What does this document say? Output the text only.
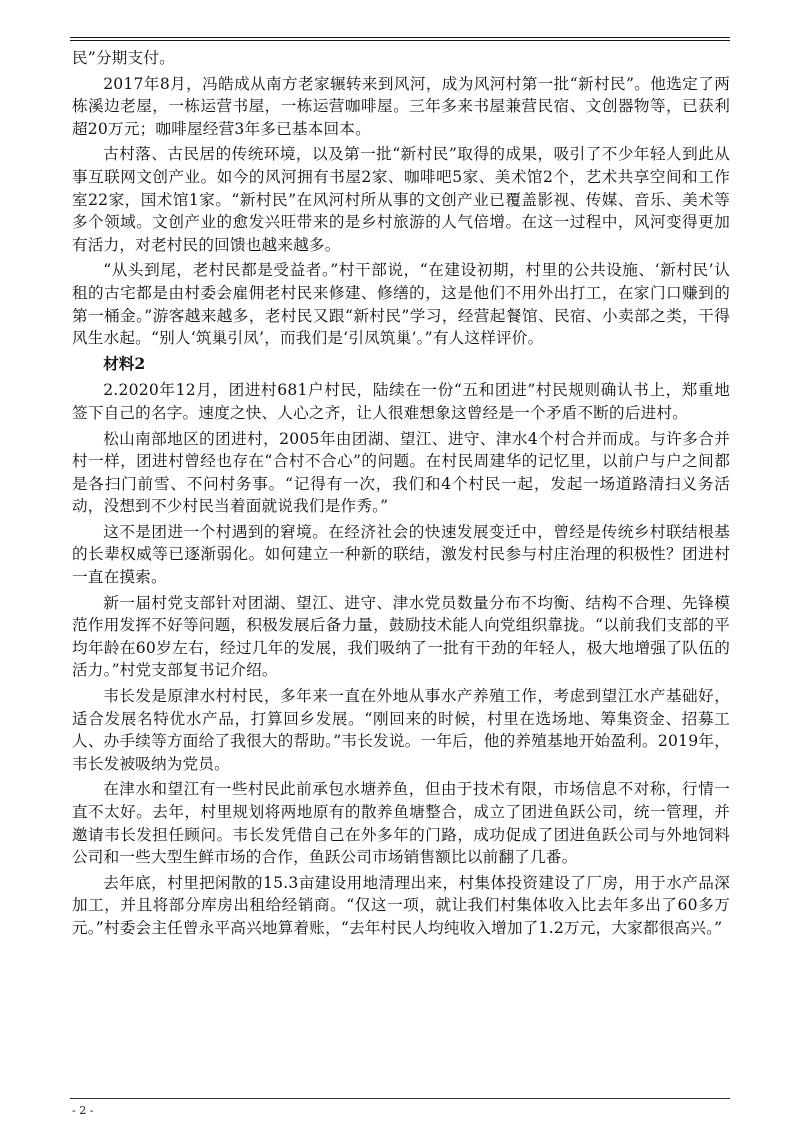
民”分期支付。

2017年8月，冯皓成从南方老家辗转来到风河，成为风河村第一批“新村民”。他选定了两栋溪边老屋，一栋运营书屋，一栋运营咖啡屋。三年多来书屋兼营民宿、文创器物等，已获利超20万元；咖啡屋经营3年多已基本回本。

古村落、古民居的传统环境，以及第一批“新村民”取得的成果，吸引了不少年轻人到此从事互联网文创产业。如今的风河拥有书屋2家、咖啡吧5家、美术馆2个，艺术共享空间和工作室22家，国术馆1家。“新村民”在风河村所从事的文创产业已覆盖影视、传媒、音乐、美术等多个领域。文创产业的愈发兴旺带来的是乡村旅游的人气倍增。在这一过程中，风河变得更加有活力，对老村民的回馈也越来越多。

“从头到尾，老村民都是受益者。”村干部说，“在建设初期，村里的公共设施、‘新村民’认租的古宅都是由村委会雇佣老村民来修建、修缮的，这是他们不用外出打工，在家门口赚到的第一桶金。”游客越来越多，老村民又跟“新村民”学习，经营起餐馆、民宿、小卖部之类，干得风生水起。“别人‘筑巢引凤’，而我们是‘引凤筑巢’。”有人这样评价。

材料2

2.2020年12月，团进村681户村民，陆续在一份“五和团进”村民规则确认书上，郑重地签下自己的名字。速度之快、人心之齐，让人很难想象这曾经是一个矛盾不断的后进村。

松山南部地区的团进村，2005年由团湖、望江、进守、津水4个村合并而成。与许多合并村一样，团进村曾经也存在“合村不合心”的问题。在村民周建华的记忆里，以前户与户之间都是各扫门前雪、不问村务事。“记得有一次，我们和4个村民一起，发起一场道路清扫义务活动，没想到不少村民当着面就说我们是作秀。”

这不是团进一个村遇到的窘境。在经济社会的快速发展变迁中，曾经是传统乡村联结根基的长辈权威等已逐渐弱化。如何建立一种新的联结，激发村民参与村庄治理的积极性？团进村一直在摸索。

新一届村党支部针对团湖、望江、进守、津水党员数量分布不均衡、结构不合理、先锋模范作用发挥不好等问题，积极发展后备力量，鼓励技术能人向党组织靠拢。“以前我们支部的平均年龄在60岁左右，经过几年的发展，我们吸纳了一批有干劲的年轻人，极大地增强了队伍的活力。”村党支部复书记介绍。

韦长发是原津水村村民，多年来一直在外地从事水产养殖工作，考虑到望江水产基础好，适合发展名特优水产品，打算回乡发展。“刚回来的时候，村里在选场地、筹集资金、招募工人、办手续等方面给了我很大的帮助。”韦长发说。一年后，他的养殖基地开始盈利。2019年，韦长发被吸纳为党员。

在津水和望江有一些村民此前承包水塘养鱼，但由于技术有限，市场信息不对称，行情一直不太好。去年，村里规划将两地原有的散养鱼塘整合，成立了团进鱼跃公司，统一管理，并邀请韦长发担任顾问。韦长发凭借自己在外多年的门路，成功促成了团进鱼跃公司与外地饲料公司和一些大型生鲜市场的合作，鱼跃公司市场销售额比以前翻了几番。

去年底，村里把闲散的15.3亩建设用地清理出来，村集体投资建设了厂房，用于水产品深加工，并且将部分库房出租给经销商。“仅这一项，就让我们村集体收入比去年多出了60多万元。”村委会主任曾永平高兴地算着账，“去年村民人均纯收入增加了1.2万元，大家都很高兴。”

- 2 -
